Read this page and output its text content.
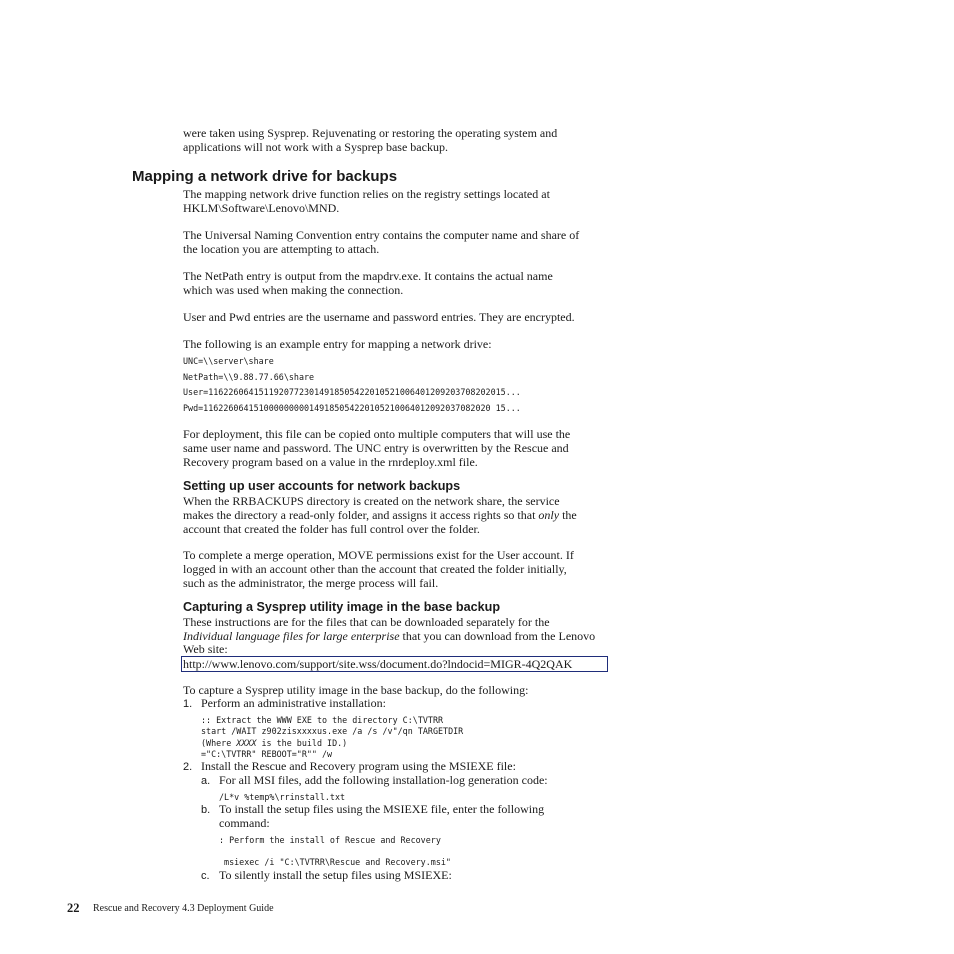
were taken using Sysprep. Rejuvenating or restoring the operating system and

applications will not work with a Sysprep base backup.

Mapping a network drive for backups

The mapping network drive function relies on the registry settings located at

HKLM\Software\Lenovo\MND.

The Universal Naming Convention entry contains the computer name and share of

the location you are attempting to attach.

The NetPath entry is output from the mapdrv.exe. It contains the actual name

which was used when making the connection.

User and Pwd entries are the username and password entries. They are encrypted.

The following is an example entry for mapping a network drive:

UNC=\\server\share

NetPath=\\9.88.77.66\share

User=11622606415119207723014918505422010521006401209203708202015...

Pwd=116226064151000000000149185054220105210064012092037082020 15...

For deployment, this file can be copied onto multiple computers that will use the

same user name and password. The UNC entry is overwritten by the Rescue and

Recovery program based on a value in the rnrdeploy.xml file.

Setting up user accounts for network backups

When the RRBACKUPS directory is created on the network share, the service

makes the directory a read-only folder, and assigns it access rights so that only the

account that created the folder has full control over the folder.

To complete a merge operation, MOVE permissions exist for the User account. If

logged in with an account other than the account that created the folder initially,

such as the administrator, the merge process will fail.

Capturing a Sysprep utility image in the base backup

These instructions are for the files that can be downloaded separately for the

Individual language files for large enterprise that you can download from the Lenovo

Web site:

http://www.lenovo.com/support/site.wss/document.do?lndocid=MIGR-4Q2QAK

To capture a Sysprep utility image in the base backup, do the following:

1. Perform an administrative installation:

:: Extract the WWW EXE to the directory C:\TVTRR

start /WAIT z902zisxxxxus.exe /a /s /v"/qn TARGETDIR

(Where XXXX is the build ID.)

="C:\TVTRR" REBOOT="R"" /w

2. Install the Rescue and Recovery program using the MSIEXE file:

a. For all MSI files, add the following installation-log generation code:

/L*v %temp%\rrinstall.txt

b. To install the setup files using the MSIEXE file, enter the following

command:

: Perform the install of Rescue and Recovery

msiexec /i "C:\TVTRR\Rescue and Recovery.msi"

c. To silently install the setup files using MSIEXE:

22 Rescue and Recovery 4.3 Deployment Guide
